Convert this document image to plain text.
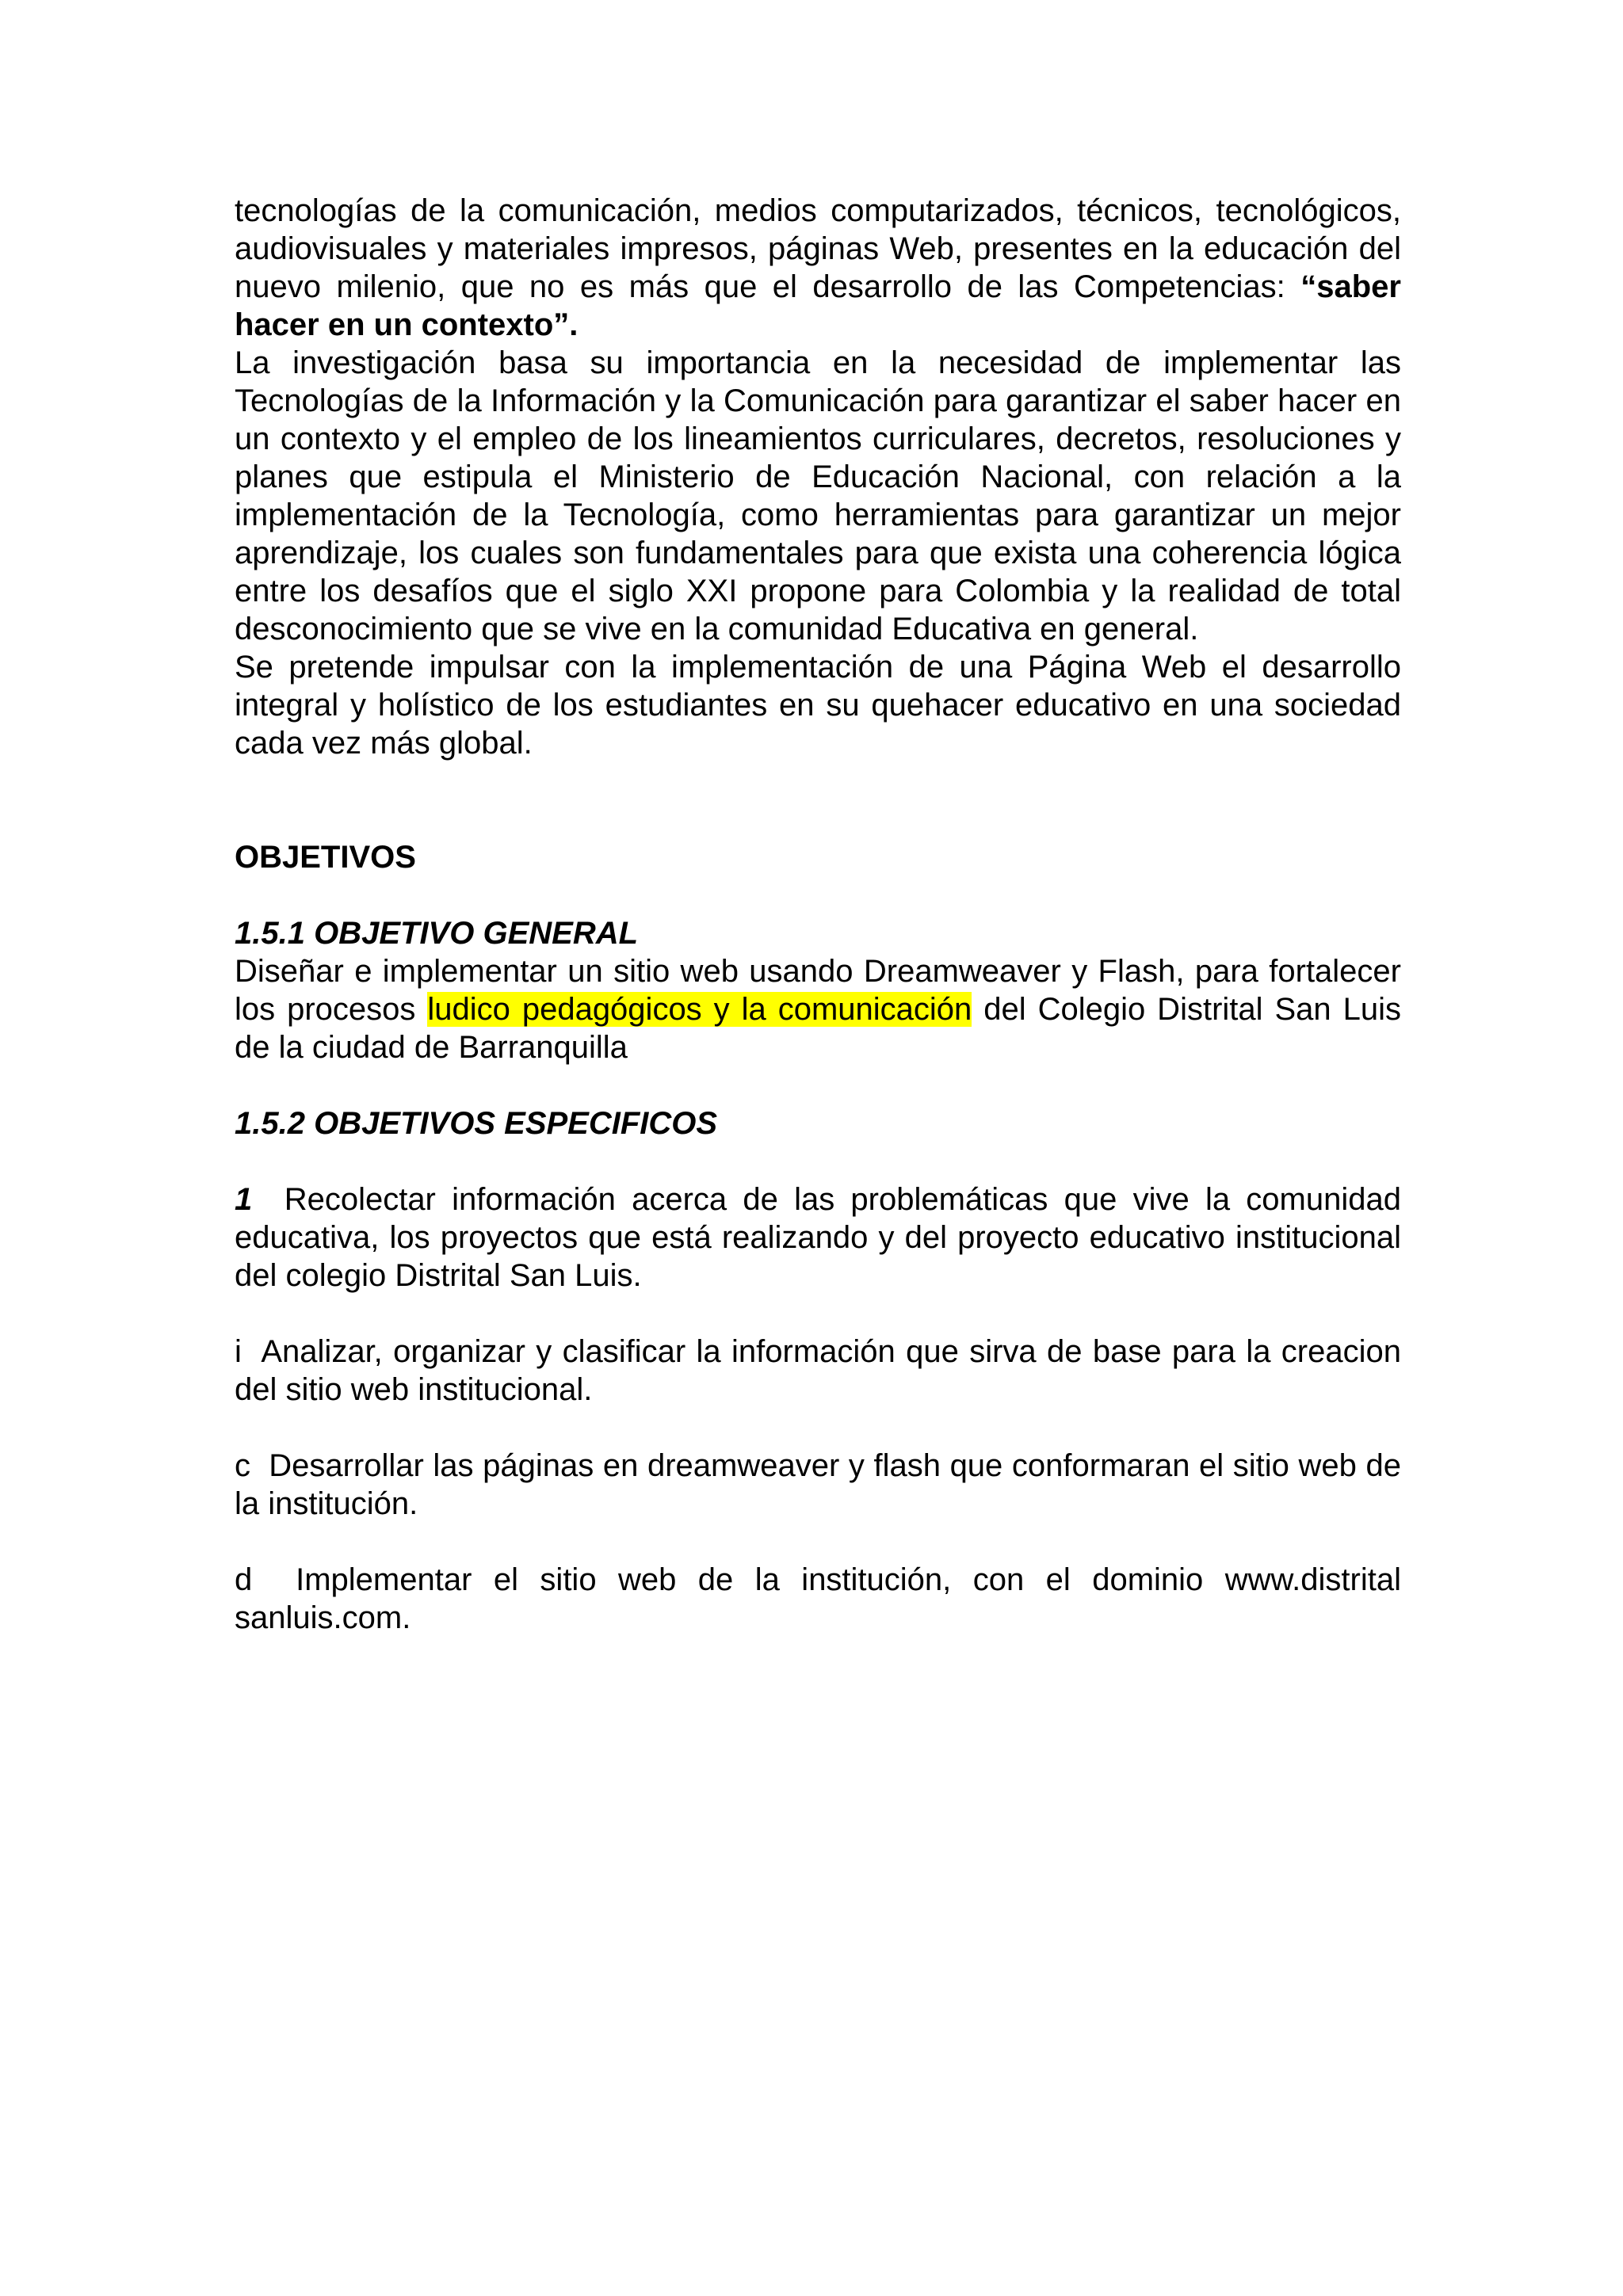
tecnologías de la comunicación, medios computarizados, técnicos, tecnológicos, audiovisuales y materiales impresos, páginas Web, presentes en la educación del nuevo milenio, que no es más que el desarrollo de las Competencias: “saber hacer en un contexto”.

La investigación basa su importancia en la necesidad de implementar las Tecnologías de la Información y la Comunicación para garantizar el saber hacer en un contexto y el empleo de los lineamientos curriculares, decretos, resoluciones y planes que estipula el Ministerio de Educación Nacional, con relación a la implementación de la Tecnología, como herramientas para garantizar un mejor aprendizaje, los cuales son fundamentales para que exista una coherencia lógica entre los desafíos que el siglo XXI propone para Colombia y la realidad de total desconocimiento que se vive en la comunidad Educativa en general.

Se pretende impulsar con la implementación de una Página Web el desarrollo integral y holístico de los estudiantes en su quehacer educativo en una sociedad cada vez más global.

OBJETIVOS

1.5.1 OBJETIVO GENERAL

Diseñar e implementar un sitio web usando Dreamweaver y Flash, para fortalecer los procesos ludico pedagógicos y la comunicación del Colegio Distrital San Luis de la ciudad de Barranquilla

1.5.2 OBJETIVOS ESPECIFICOS

1  Recolectar información acerca de las problemáticas que vive la comunidad educativa, los proyectos que está realizando y del proyecto educativo institucional del colegio Distrital San Luis.

i  Analizar, organizar y clasificar la información que sirva de base para la creacion del sitio web institucional.

c  Desarrollar las páginas en dreamweaver y flash que conformaran el sitio web de la institución.

d  Implementar el sitio web de la institución, con el dominio www.distrital sanluis.com.
